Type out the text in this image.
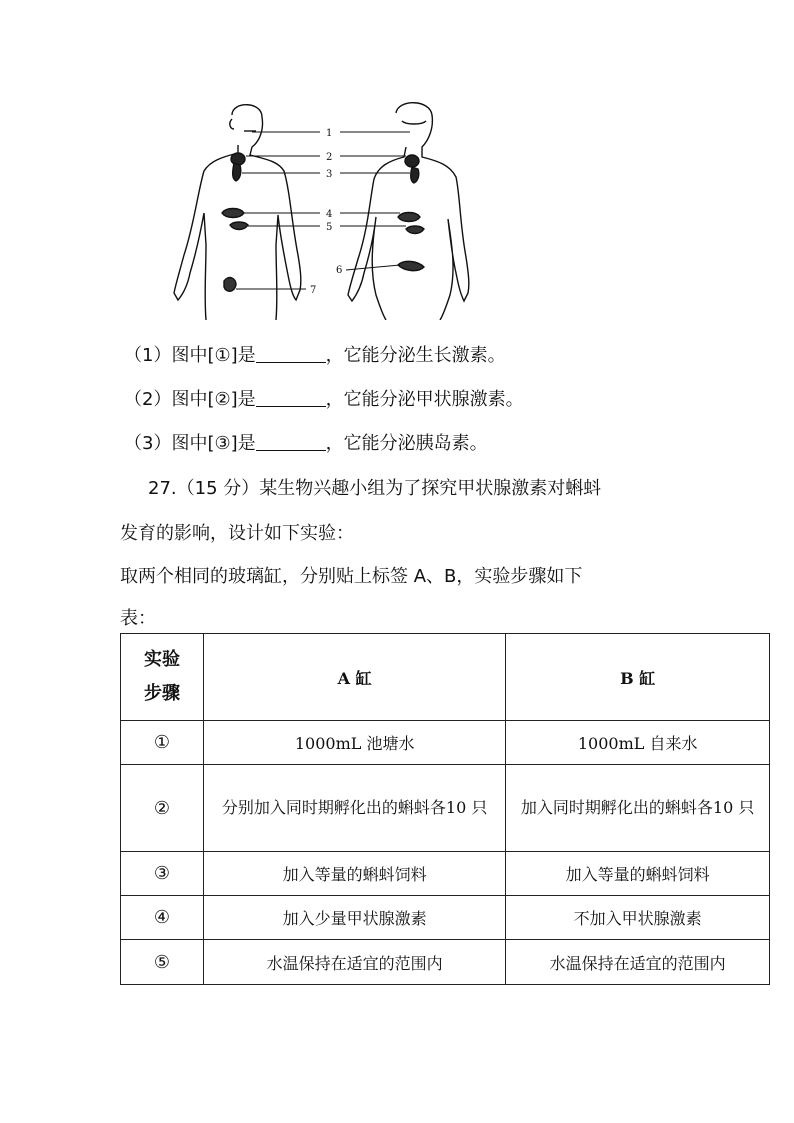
1
2
3
4
5
6
7
（1）图中[①]是	，它能分泌生长激素。
（2）图中[②]是	，它能分泌甲状腺激素。
（3）图中[③]是	，它能分泌胰岛素。
27.（15 分）某生物兴趣小组为了探究甲状腺激素对蝌蚪
发育的影响，设计如下实验：
取两个相同的玻璃缸，分别贴上标签 A、B，实验步骤如下
表：
实验步骤	A 缸	B 缸
①	1000mL 池塘水	1000mL 自来水
②	分别加入同时期孵化出的蝌蚪各10 只	加入同时期孵化出的蝌蚪各10 只
③	加入等量的蝌蚪饲料	加入等量的蝌蚪饲料
④	加入少量甲状腺激素	不加入甲状腺激素
⑤	水温保持在适宜的范围内	水温保持在适宜的范围内
